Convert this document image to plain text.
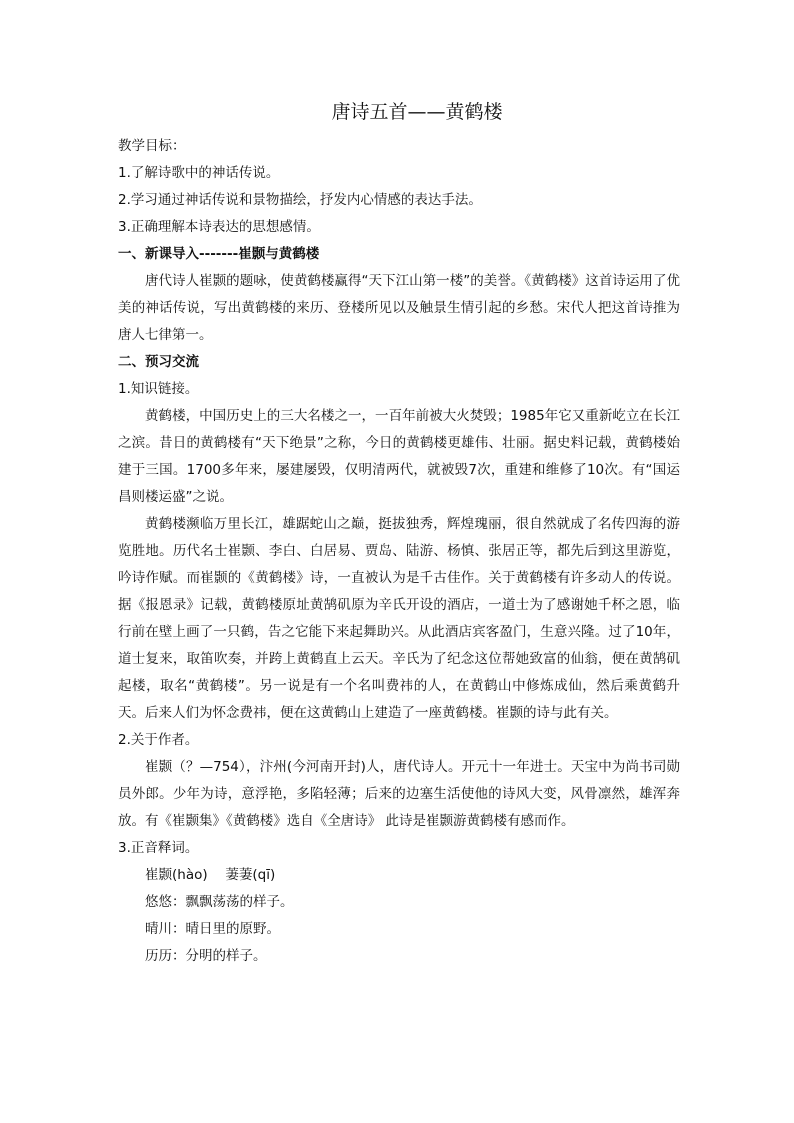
唐诗五首——黄鹤楼
教学目标：
1.了解诗歌中的神话传说。
2.学习通过神话传说和景物描绘，抒发内心情感的表达手法。
3.正确理解本诗表达的思想感情。
一、新课导入-------崔颢与黄鹤楼

唐代诗人崔颢的题咏，使黄鹤楼赢得“天下江山第一楼”的美誉。《黄鹤楼》这首诗运用了优美的神话传说，写出黄鹤楼的来历、登楼所见以及触景生情引起的乡愁。宋代人把这首诗推为唐人七律第一。

二、预习交流
1.知识链接。

黄鹤楼，中国历史上的三大名楼之一，一百年前被大火焚毁；1985年它又重新屹立在长江之滨。昔日的黄鹤楼有“天下绝景”之称，今日的黄鹤楼更雄伟、壮丽。据史料记载，黄鹤楼始建于三国。1700多年来，屡建屡毁，仅明清两代，就被毁7次，重建和维修了10次。有“国运昌则楼运盛”之说。

黄鹤楼濒临万里长江，雄踞蛇山之巅，挺拔独秀，辉煌瑰丽，很自然就成了名传四海的游览胜地。历代名士崔颢、李白、白居易、贾岛、陆游、杨慎、张居正等，都先后到这里游览，吟诗作赋。而崔颢的《黄鹤楼》诗，一直被认为是千古佳作。关于黄鹤楼有许多动人的传说。据《报恩录》记载，黄鹤楼原址黄鹄矶原为辛氏开设的酒店，一道士为了感谢她千杯之恩，临行前在壁上画了一只鹤，告之它能下来起舞助兴。从此酒店宾客盈门，生意兴隆。过了10年，道士复来，取笛吹奏，并跨上黄鹤直上云天。辛氏为了纪念这位帮她致富的仙翁，便在黄鹄矶起楼，取名“黄鹤楼”。另一说是有一个名叫费祎的人，在黄鹤山中修炼成仙，然后乘黄鹤升天。后来人们为怀念费祎，便在这黄鹤山上建造了一座黄鹤楼。崔颢的诗与此有关。

2.关于作者。

崔颢（？—754），汴州(今河南开封)人，唐代诗人。开元十一年进士。天宝中为尚书司勋员外郎。少年为诗，意浮艳，多陷轻薄；后来的边塞生活使他的诗风大变，风骨凛然，雄浑奔放。有《崔颢集》《黄鹤楼》选自《全唐诗》 此诗是崔颢游黄鹤楼有感而作。

3.正音释词。
崔颢(hào)　 萋萋(qī)
悠悠：飘飘荡荡的样子。
晴川：晴日里的原野。
历历：分明的样子。
